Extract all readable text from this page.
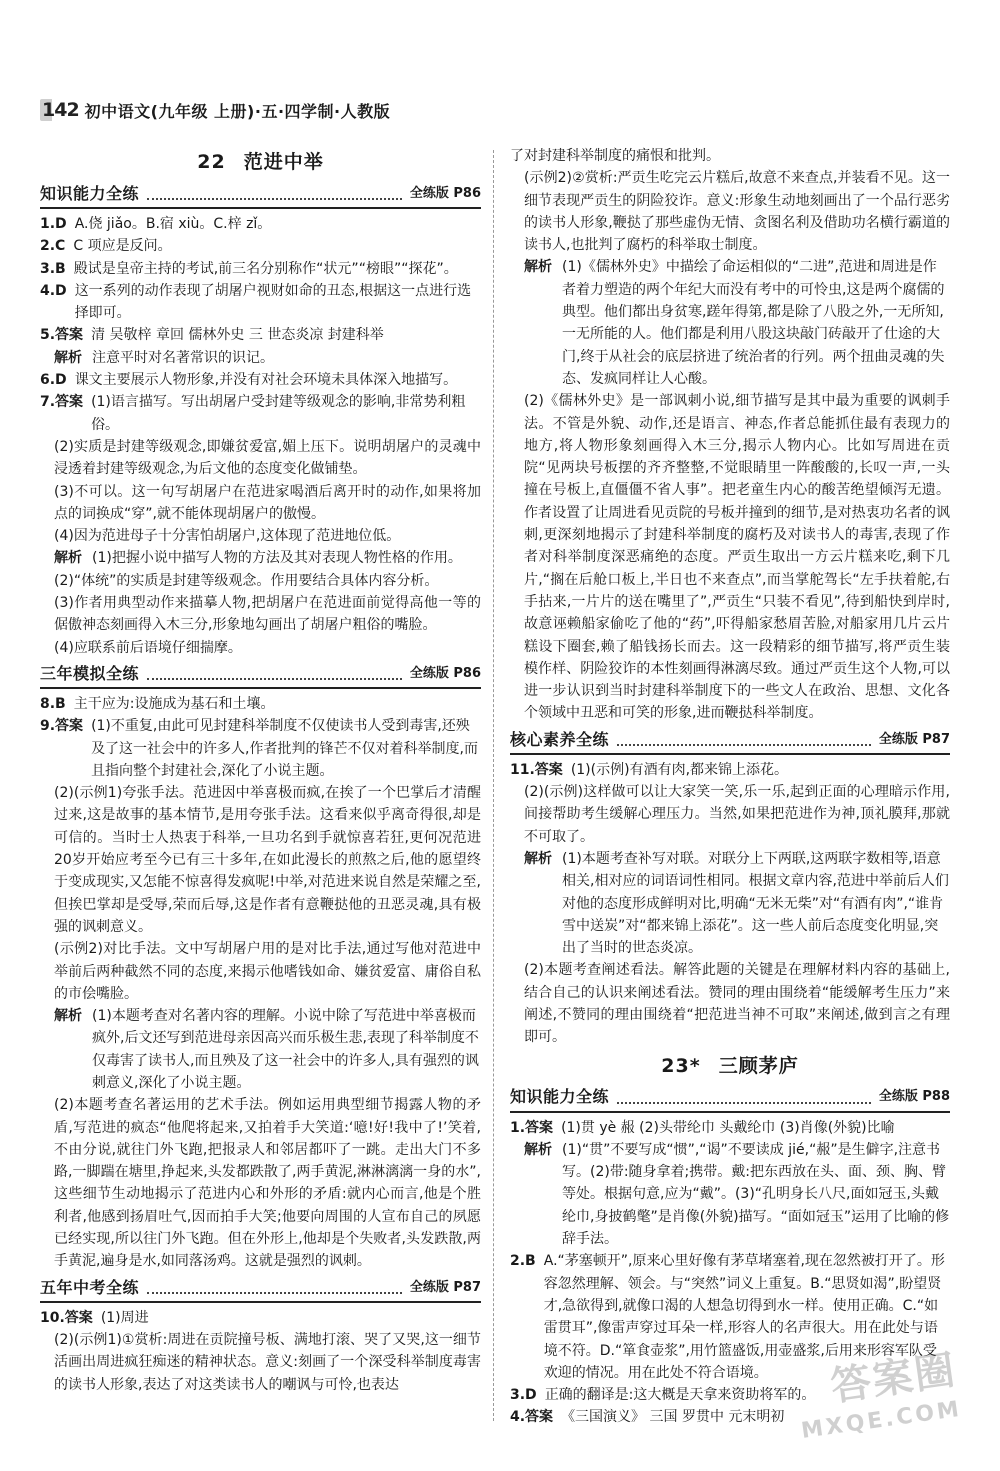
142 初中语文(九年级 上册)·五·四学制·人教版
22 范进中举
知识能力全练	全练版 P86
1.D A.侥 jiǎo。B.宿 xiù。C.梓 zǐ。
2.C C 项应是反问。
3.B 殿试是皇帝主持的考试,前三名分别称作“状元”“榜眼”“探花”。
4.D 这一系列的动作表现了胡屠户视财如命的丑态,根据这一点进行选择即可。
5.答案 清 吴敬梓 章回 儒林外史 三 世态炎凉 封建科举
解析 注意平时对名著常识的识记。
6.D 课文主要展示人物形象,并没有对社会环境未具体深入地描写。
7.答案 (1)语言描写。写出胡屠户受封建等级观念的影响,非常势利粗俗。

(2)实质是封建等级观念,即嫌贫爱富,媚上压下。说明胡屠户的灵魂中浸透着封建等级观念,为后文他的态度变化做铺垫。

(3)不可以。这一句写胡屠户在范进家喝酒后离开时的动作,如果将加点的词换成“穿”,就不能体现胡屠户的傲慢。

(4)因为范进母子十分害怕胡屠户,这体现了范进地位低。

解析 (1)把握小说中描写人物的方法及其对表现人物性格的作用。

(2)“体统”的实质是封建等级观念。作用要结合具体内容分析。

(3)作者用典型动作来描摹人物,把胡屠户在范进面前觉得高他一等的倨傲神态刻画得入木三分,形象地勾画出了胡屠户粗俗的嘴脸。

(4)应联系前后语境仔细揣摩。

三年模拟全练	全练版 P86
8.B 主干应为:设施成为基石和土壤。
9.答案 (1)不重复,由此可见封建科举制度不仅使读书人受到毒害,还殃及了这一社会中的许多人,作者批判的锋芒不仅对着科举制度,而且指向整个封建社会,深化了小说主题。

(2)(示例1)夸张手法。范进因中举喜极而疯,在挨了一个巴掌后才清醒过来,这是故事的基本情节,是用夸张手法。这看来似乎离奇得很,却是可信的。当时士人热衷于科举,一旦功名到手就惊喜若狂,更何况范进20岁开始应考至今已有三十多年,在如此漫长的煎熬之后,他的愿望终于变成现实,又怎能不惊喜得发疯呢!中举,对范进来说自然是荣耀之至,但挨巴掌却是受辱,荣而后辱,这是作者有意鞭挞他的丑恶灵魂,具有极强的讽刺意义。

(示例2)对比手法。文中写胡屠户用的是对比手法,通过写他对范进中举前后两种截然不同的态度,来揭示他嗜钱如命、嫌贫爱富、庸俗自私的市侩嘴脸。

解析 (1)本题考查对名著内容的理解。小说中除了写范进中举喜极而疯外,后文还写到范进母亲因高兴而乐极生悲,表现了科举制度不仅毒害了读书人,而且殃及了这一社会中的许多人,具有强烈的讽刺意义,深化了小说主题。

(2)本题考查名著运用的艺术手法。例如运用典型细节揭露人物的矛盾,写范进的疯态“他爬将起来,又拍着手大笑道:‘噫!好!我中了!’笑着,不由分说,就往门外飞跑,把报录人和邻居都吓了一跳。走出大门不多路,一脚踹在塘里,挣起来,头发都跌散了,两手黄泥,淋淋漓漓一身的水”,这些细节生动地揭示了范进内心和外形的矛盾:就内心而言,他是个胜利者,他感到扬眉吐气,因而拍手大笑;他要向周围的人宣布自己的夙愿已经实现,所以往门外飞跑。但在外形上,他却是个失败者,头发跌散,两手黄泥,遍身是水,如同落汤鸡。这就是强烈的讽刺。

五年中考全练	全练版 P87
10.答案 (1)周进

(2)(示例1)①赏析:周进在贡院撞号板、满地打滚、哭了又哭,这一细节活画出周进疯狂痴迷的精神状态。意义:刻画了一个深受科举制度毒害的读书人形象,表达了对这类读书人的嘲讽与可怜,也表达

了对封建科举制度的痛恨和批判。

(示例2)②赏析:严贡生吃完云片糕后,故意不来查点,并装看不见。这一细节表现严贡生的阴险狡诈。意义:形象生动地刻画出了一个品行恶劣的读书人形象,鞭挞了那些虚伪无情、贪图名利及借助功名横行霸道的读书人,也批判了腐朽的科举取士制度。

解析 (1)《儒林外史》中描绘了命运相似的“二进”,范进和周进是作者着力塑造的两个年纪大而没有考中的可怜虫,这是两个腐儒的典型。他们都出身贫寒,蹉年得第,都是除了八股之外,一无所知,一无所能的人。他们都是利用八股这块敲门砖敲开了仕途的大门,终于从社会的底层挤进了统治者的行列。两个扭曲灵魂的失态、发疯同样让人心酸。

(2)《儒林外史》是一部讽刺小说,细节描写是其中最为重要的讽刺手法。不管是外貌、动作,还是语言、神态,作者总能抓住最有表现力的地方,将人物形象刻画得入木三分,揭示人物内心。比如写周进在贡院“见两块号板摆的齐齐整整,不觉眼睛里一阵酸酸的,长叹一声,一头撞在号板上,直僵僵不省人事”。把老童生内心的酸苦绝望倾泻无遗。作者设置了让周进看见贡院的号板并撞到的细节,是对热衷功名者的讽刺,更深刻地揭示了封建科举制度的腐朽及对读书人的毒害,表现了作者对科举制度深恶痛绝的态度。严贡生取出一方云片糕来吃,剩下几片,“搁在后舱口板上,半日也不来查点”,而当掌舵驾长“左手扶着舵,右手拈来,一片片的送在嘴里了”,严贡生“只装不看见”,待到船快到岸时,故意诬赖船家偷吃了他的“药”,吓得船家愁眉苦脸,对船家用几片云片糕设下圈套,赖了船钱扬长而去。这一段精彩的细节描写,将严贡生装模作样、阴险狡诈的本性刻画得淋漓尽致。通过严贡生这个人物,可以进一步认识到当时封建科举制度下的一些文人在政治、思想、文化各个领域中丑恶和可笑的形象,进而鞭挞科举制度。

核心素养全练	全练版 P87
11.答案 (1)(示例)有酒有肉,都来锦上添花。

(2)(示例)这样做可以让大家笑一笑,乐一乐,起到正面的心理暗示作用,间接帮助考生缓解心理压力。当然,如果把范进作为神,顶礼膜拜,那就不可取了。

解析 (1)本题考查补写对联。对联分上下两联,这两联字数相等,语意相关,相对应的词语词性相同。根据文章内容,范进中举前后人们对他的态度形成鲜明对比,明确“无米无柴”对“有酒有肉”,“谁肯雪中送炭”对“都来锦上添花”。这一些人前后态度变化明显,突出了当时的世态炎凉。

(2)本题考查阐述看法。解答此题的关键是在理解材料内容的基础上,结合自己的认识来阐述看法。赞同的理由围绕着“能缓解考生压力”来阐述,不赞同的理由围绕着“把范进当神不可取”来阐述,做到言之有理即可。

23* 三顾茅庐
知识能力全练	全练版 P88
1.答案 (1)贯 yè 赧 (2)头带纶巾 头戴纶巾 (3)肖像(外貌)比喻
解析 (1)“贯”不要写成“惯”,“谒”不要读成 jié,“赧”是生僻字,注意书写。(2)带:随身拿着;携带。戴:把东西放在头、面、颈、胸、臂等处。根据句意,应为“戴”。(3)“孔明身长八尺,面如冠玉,头戴纶巾,身披鹤氅”是肖像(外貌)描写。“面如冠玉”运用了比喻的修辞手法。
2.B A.“茅塞顿开”,原来心里好像有茅草堵塞着,现在忽然被打开了。形容忽然理解、领会。与“突然”词义上重复。B.“思贤如渴”,盼望贤才,急欲得到,就像口渴的人想急切得到水一样。使用正确。C.“如雷贯耳”,像雷声穿过耳朵一样,形容人的名声很大。用在此处与语境不符。D.“箪食壶浆”,用竹篮盛饭,用壶盛浆,后用来形容军队受欢迎的情况。用在此处不符合语境。
3.D 正确的翻译是:这大概是天拿来资助将军的。
4.答案 《三国演义》 三国 罗贯中 元末明初
答案圈
MXQE.COM
